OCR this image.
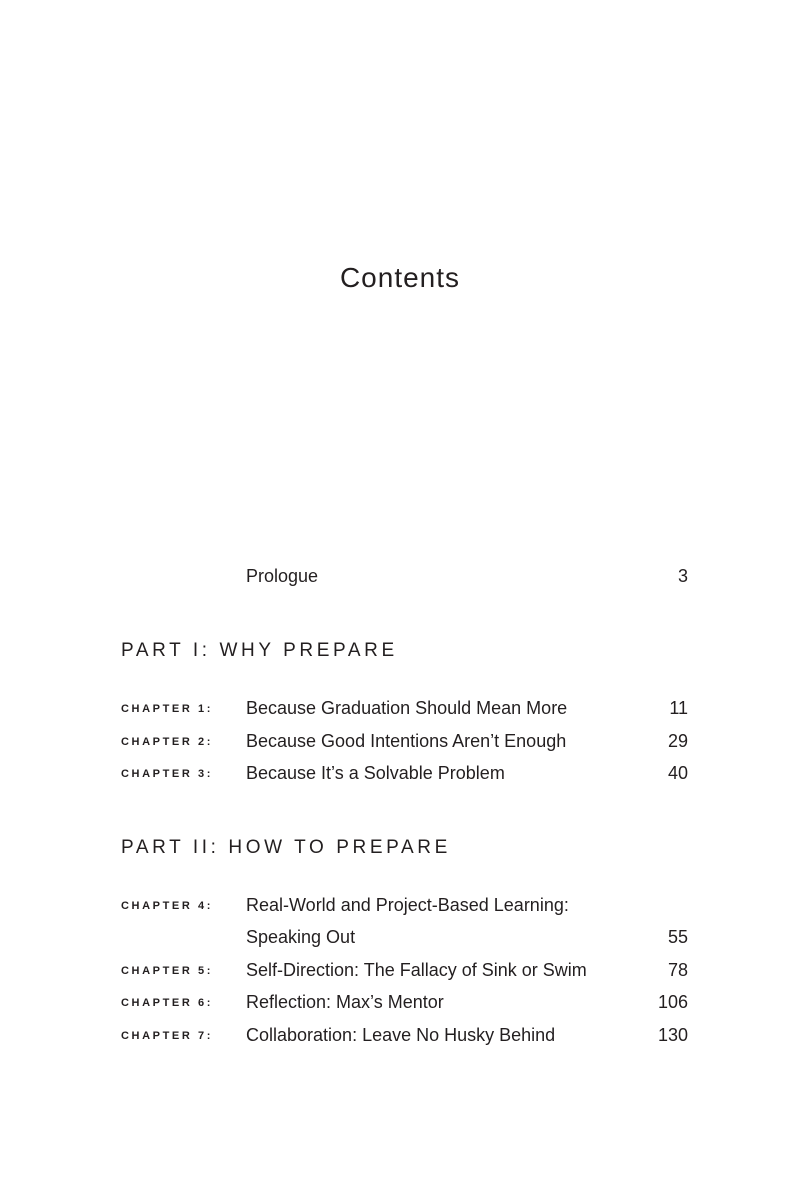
Contents
Prologue	3
PART I: WHY PREPARE
CHAPTER 1: Because Graduation Should Mean More	11
CHAPTER 2: Because Good Intentions Aren’t Enough	29
CHAPTER 3: Because It’s a Solvable Problem	40
PART II: HOW TO PREPARE
CHAPTER 4: Real-World and Project-Based Learning:
Speaking Out	55
CHAPTER 5: Self-Direction: The Fallacy of Sink or Swim	78
CHAPTER 6: Reflection: Max’s Mentor	106
CHAPTER 7: Collaboration: Leave No Husky Behind	130
